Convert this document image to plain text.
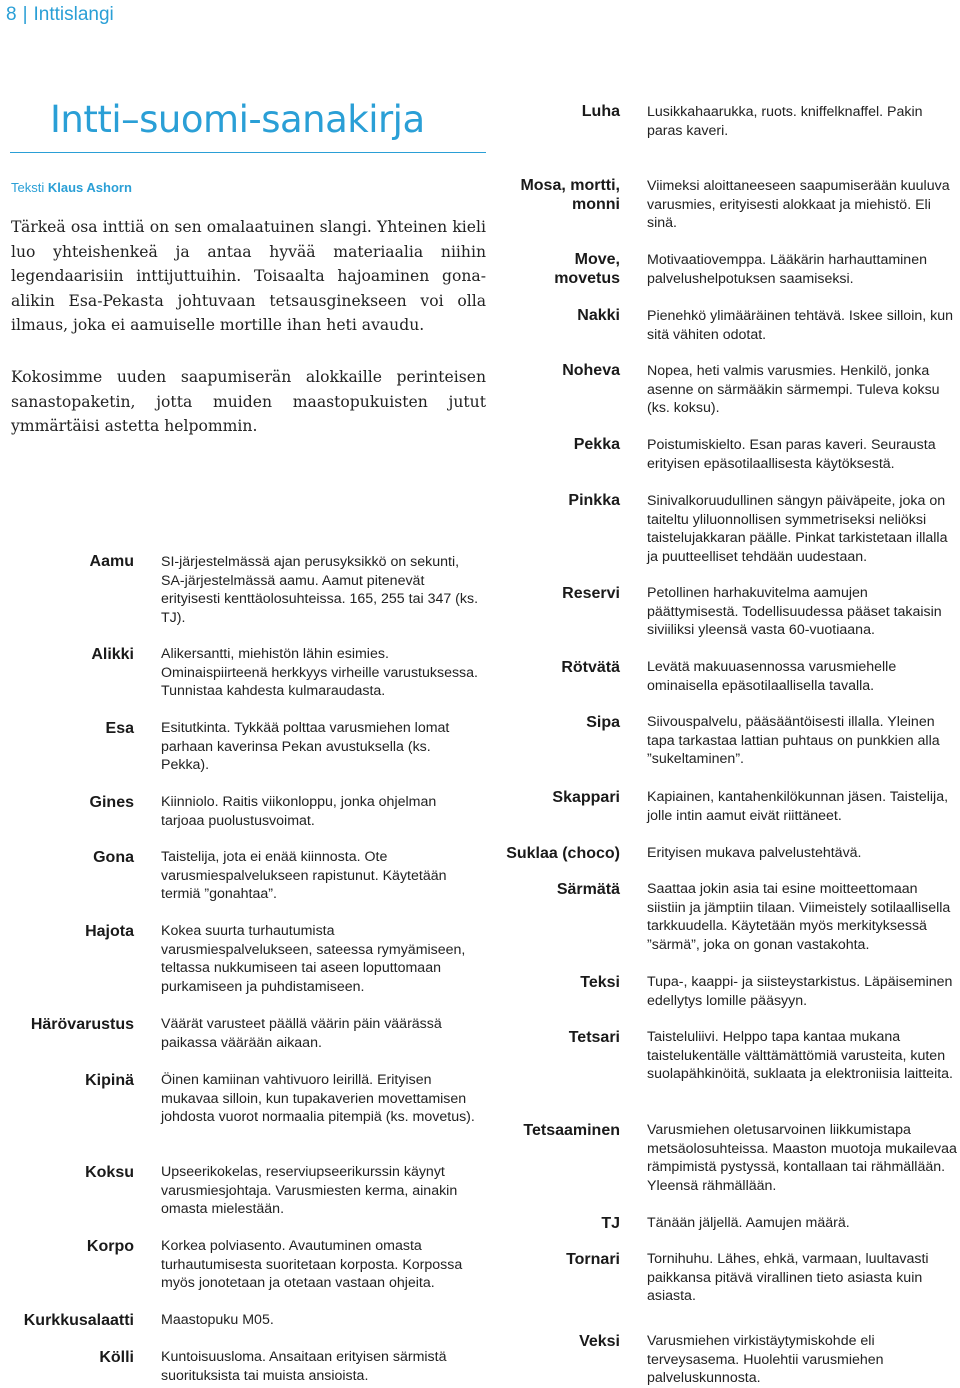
8 | Inttislangi
Intti–suomi-sanakirja
Teksti Klaus Ashorn

Tärkeä osa inttiä on sen omalaatuinen slangi. Yhteinen kieli luo yhteishenkeä ja antaa hyvää materiaalia niihin legendaarisiin inttijuttuihin. Toisaalta hajoaminen gona-alikin Esa-Pekasta johtuvaan tetsausginekseen voi olla ilmaus, joka ei aamuiselle mortille ihan heti avaudu.

Kokosimme uuden saapumiserän alokkaille perinteisen sanastopaketin, jotta muiden maastopukuisten jutut ymmärtäisi astetta helpommin.

Aamu SI-järjestelmässä ajan perusyksikkö on sekunti, SA-järjestelmässä aamu. Aamut pitenevät erityisesti kenttäolosuhteissa. 165, 255 tai 347 (ks. TJ).
Alikki Alikersantti, miehistön lähin esimies. Ominaispiirteenä herkkyys virheille varustuksessa. Tunnistaa kahdesta kulmaraudasta.
Esa Esitutkinta. Tykkää polttaa varusmiehen lomat parhaan kaverinsa Pekan avustuksella (ks. Pekka).
Gines Kiinniolo. Raitis viikonloppu, jonka ohjelman tarjoaa puolustusvoimat.
Gona Taistelija, jota ei enää kiinnosta. Ote varusmiespalvelukseen rapistunut. Käytetään termiä ”gonahtaa”.
Hajota Kokea suurta turhautumista varusmiespalvelukseen, sateessa rymyämiseen, teltassa nukkumiseen tai aseen loputtomaan purkamiseen ja puhdistamiseen.
Härövarustus Väärät varusteet päällä väärin päin väärässä paikassa väärään aikaan.
Kipinä Öinen kamiinan vahtivuoro leirillä. Erityisen mukavaa silloin, kun tupakaverien movettamisen johdosta vuorot normaalia pitempiä (ks. movetus).
Koksu Upseerikokelas, reserviupseerikurssin käynyt varusmiesjohtaja. Varusmiesten kerma, ainakin omasta mielestään.
Korpo Korkea polviasento. Avautuminen omasta turhautumisesta suoritetaan korposta. Korpossa myös jonotetaan ja otetaan vastaan ohjeita.
Kurkkusalaatti Maastopuku M05.
Kölli Kuntoisuusloma. Ansaitaan erityisen särmistä suorituksista tai muista ansioista.
Luha Lusikkahaarukka, ruots. kniffelknaffel. Pakin paras kaveri.
Mosa, mortti, monni
Viimeksi aloittaneeseen saapumiserään kuuluva varusmies, erityisesti alokkaat ja miehistö. Eli sinä.
Move, movetus
Motivaatiovemppa. Lääkärin harhauttaminen palvelushelpotuksen saamiseksi.
Nakki Pienehkö ylimääräinen tehtävä. Iskee silloin, kun sitä vähiten odotat.
Noheva Nopea, heti valmis varusmies. Henkilö, jonka asenne on särmääkin särmempi. Tuleva koksu (ks. koksu).
Pekka Poistumiskielto. Esan paras kaveri. Seurausta erityisen epäsotilaallisesta käytöksestä.
Pinkka Sinivalkoruudullinen sängyn päiväpeite, joka on taiteltu yliluonnollisen symmetriseksi neliöksi taistelujakkaran päälle. Pinkat tarkistetaan illalla ja puutteelliset tehdään uudestaan.
Reservi Petollinen harhakuvitelma aamujen päättymisestä. Todellisuudessa pääset takaisin siviiliksi yleensä vasta 60-vuotiaana.
Rötvätä Levätä makuuasennossa varusmiehelle ominaisella epäsotilaallisella tavalla.
Sipa Siivouspalvelu, pääsääntöisesti illalla. Yleinen tapa tarkastaa lattian puhtaus on punkkien alla ”sukeltaminen”.
Skappari Kapiainen, kantahenkilökunnan jäsen. Taistelija, jolle intin aamut eivät riittäneet.
Suklaa (choco) Erityisen mukava palvelustehtävä.
Särmätä Saattaa jokin asia tai esine moitteettomaan siistiin ja jämptiin tilaan. Viimeistely sotilaallisella tarkkuudella. Käytetään myös merkityksessä ”särmä”, joka on gonan vastakohta.
Teksi Tupa-, kaappi- ja siisteystarkistus. Läpäiseminen edellytys lomille pääsyyn.
Tetsari Taisteluliivi. Helppo tapa kantaa mukana taistelukentälle välttämättömiä varusteita, kuten suolapähkinöitä, suklaata ja elektroniisia laitteita.
Tetsaaminen Varusmiehen oletusarvoinen liikkumistapa metsäolosuhteissa. Maaston muotoja mukailevaa rämpimistä pystyssä, kontallaan tai rähmällään. Yleensä rähmällään.
TJ Tänään jäljellä. Aamujen määrä.
Tornari Tornihuhu. Lähes, ehkä, varmaan, luultavasti paikkansa pitävä virallinen tieto asiasta kuin asiasta.
Veksi Varusmiehen virkistäytymiskohde eli terveysasema. Huolehtii varusmiehen palveluskunnosta.
